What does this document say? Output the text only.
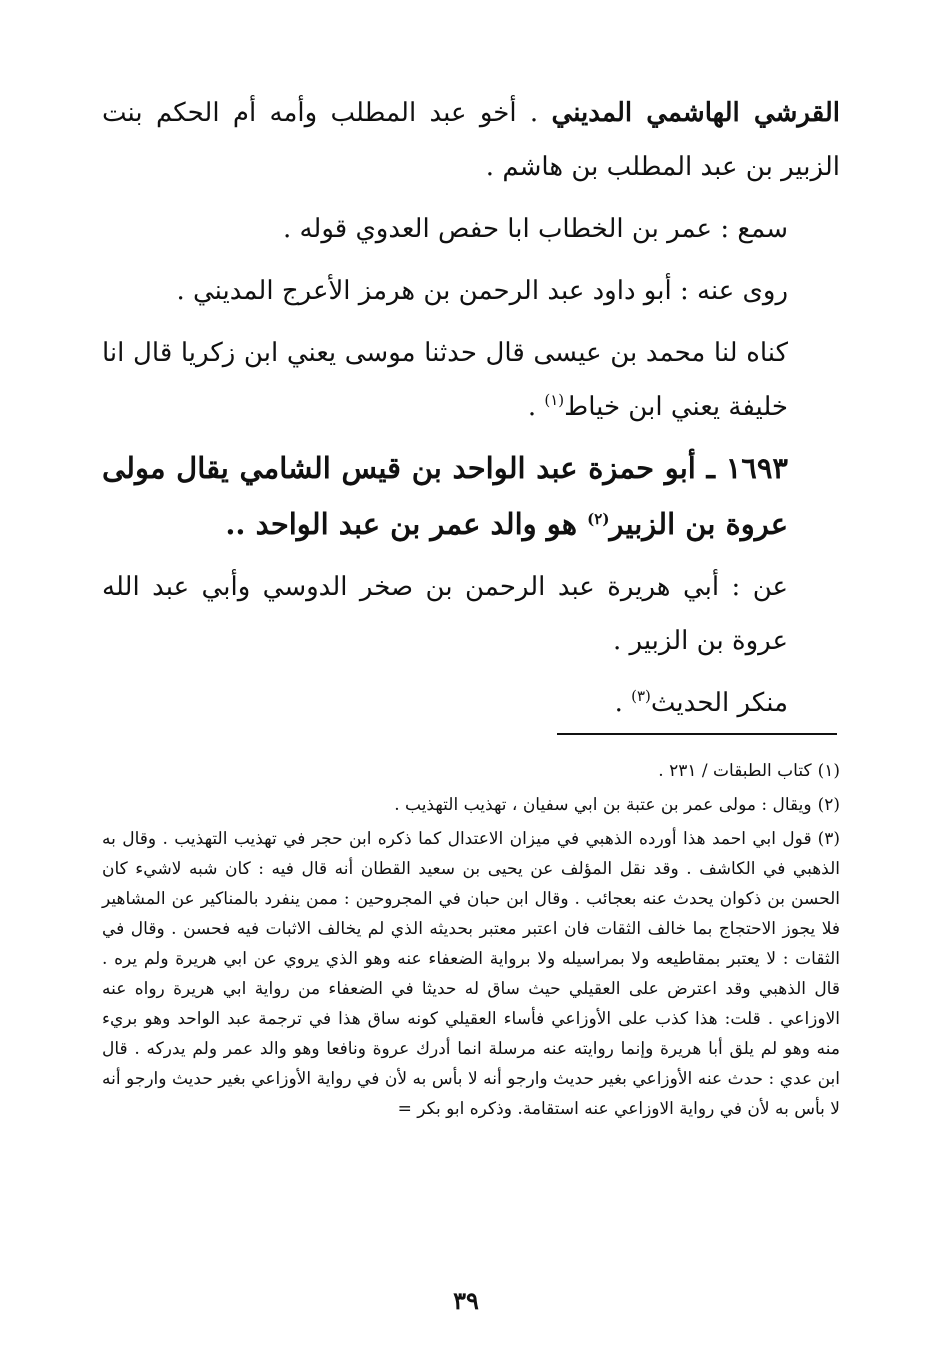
القرشي الهاشمي المديني . أخو عبد المطلب وأمه أم الحكم بنت الزبير بن عبد المطلب بن هاشم .

سمع : عمر بن الخطاب ابا حفص العدوي قوله .

روى عنه : أبو داود عبد الرحمن بن هرمز الأعرج المديني .

كناه لنا محمد بن عيسى قال حدثنا موسى يعني ابن زكريا قال انا خليفة يعني ابن خياط$^{(١)}$ .

١٦٩٣ ـ أبو حمزة عبد الواحد بن قيس الشامي يقال مولى عروة بن الزبير$^{(٢)}$ هو والد عمر بن عبد الواحد ..

عن : أبي هريرة عبد الرحمن بن صخر الدوسي وأبي عبد الله عروة بن الزبير .

منكر الحديث$^{(٣)}$ .

(١)كتاب الطبقات / ٢٣١ .

(٢)ويقال : مولى عمر بن عتبة بن ابي سفيان ، تهذيب التهذيب .

(٣)قول ابي احمد هذا أورده الذهبي في ميزان الاعتدال كما ذكره ابن حجر في تهذيب التهذيب . وقال به الذهبي في الكاشف . وقد نقل المؤلف عن يحيى بن سعيد القطان أنه قال فيه : كان شبه لاشيء كان الحسن بن ذكوان يحدث عنه بعجائب . وقال ابن حبان في المجروحين : ممن ينفرد بالمناكير عن المشاهير فلا يجوز الاحتجاج بما خالف الثقات فان اعتبر معتبر بحديثه الذي لم يخالف الاثبات فيه فحسن . وقال في الثقات : لا يعتبر بمقاطيعه ولا بمراسيله ولا برواية الضعفاء عنه وهو الذي يروي عن ابي هريرة ولم يره . قال الذهبي وقد اعترض على العقيلي حيث ساق له حديثا في الضعفاء من رواية ابي هريرة رواه عنه الاوزاعي . قلت: هذا كذب على الأوزاعي فأساء العقيلي كونه ساق هذا في ترجمة عبد الواحد وهو بريء منه وهو لم يلق أبا هريرة وإنما روايته عنه مرسلة انما أدرك عروة ونافعا وهو والد عمر ولم يدركه . قال ابن عدي : حدث عنه الأوزاعي بغير حديث وارجو أنه لا بأس به لأن في رواية الأوزاعي بغير حديث وارجو أنه لا بأس به لأن في رواية الاوزاعي عنه استقامة. وذكره ابو بكر =

٣٩
